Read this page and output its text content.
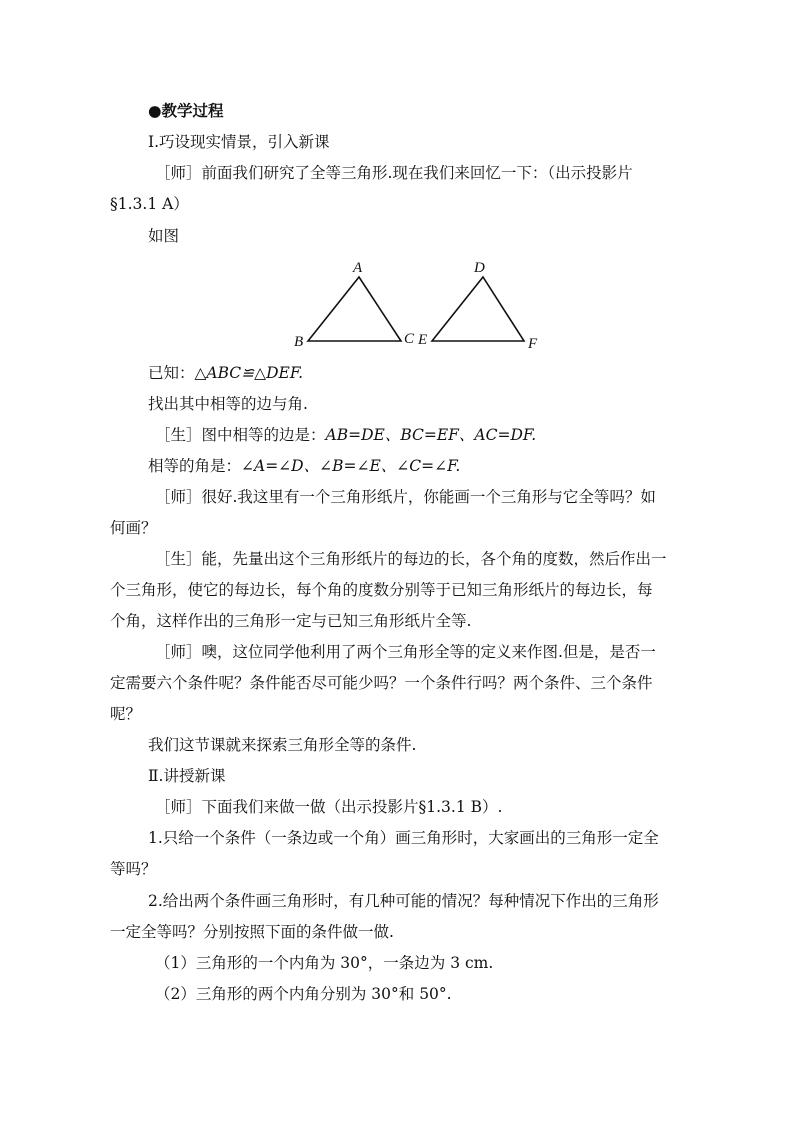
●教学过程
Ⅰ.巧设现实情景，引入新课
［师］前面我们研究了全等三角形.现在我们来回忆一下：（出示投影片
§1.3.1 A）
如图
A
B	C
D
E	F
已知：△ABC≌△DEF.
找出其中相等的边与角.
［生］图中相等的边是：AB=DE、BC=EF、AC=DF.
相等的角是：∠A=∠D、∠B=∠E、∠C=∠F.
［师］很好.我这里有一个三角形纸片，你能画一个三角形与它全等吗？如
何画？
［生］能，先量出这个三角形纸片的每边的长，各个角的度数，然后作出一
个三角形，使它的每边长，每个角的度数分别等于已知三角形纸片的每边长，每
个角，这样作出的三角形一定与已知三角形纸片全等.
［师］噢，这位同学他利用了两个三角形全等的定义来作图.但是，是否一
定需要六个条件呢？条件能否尽可能少吗？一个条件行吗？两个条件、三个条件
呢？
我们这节课就来探索三角形全等的条件.
Ⅱ.讲授新课
［师］下面我们来做一做（出示投影片§1.3.1 B）.
1.只给一个条件（一条边或一个角）画三角形时，大家画出的三角形一定全
等吗？
2.给出两个条件画三角形时，有几种可能的情况？每种情况下作出的三角形
一定全等吗？分别按照下面的条件做一做.
（1）三角形的一个内角为 30°，一条边为 3 cm.
（2）三角形的两个内角分别为 30°和 50°.
